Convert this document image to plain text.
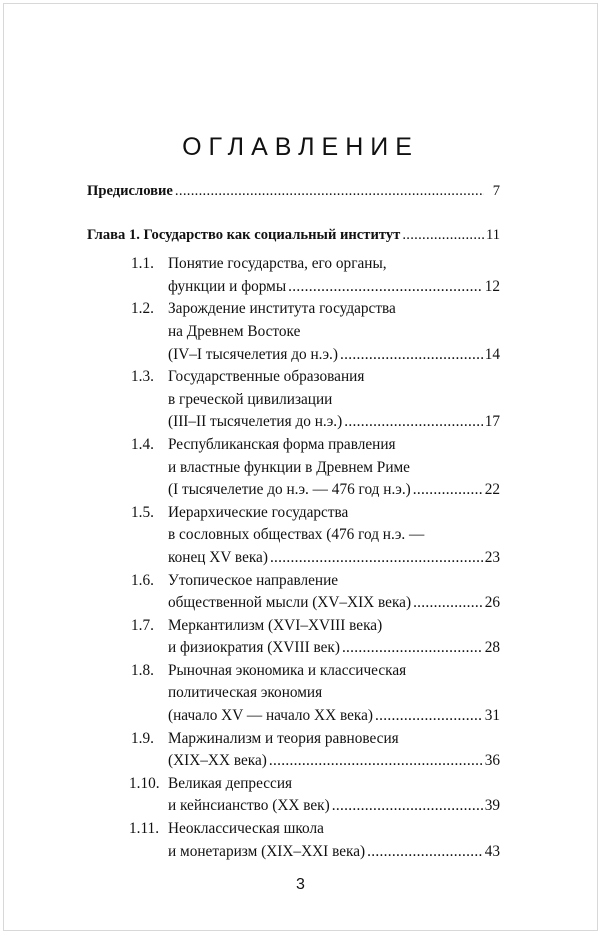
ОГЛАВЛЕНИЕ
Предисловие .....	7
Глава 1. Государство как социальный институт .....	11
1.1. Понятие государства, его органы,
функции и формы .....	12
1.2. Зарождение института государства
на Древнем Востоке
(IV–I тысячелетия до н.э.) .....	14
1.3. Государственные образования
в греческой цивилизации
(III–II тысячелетия до н.э.) .....	17
1.4. Республиканская форма правления
и властные функции в Древнем Риме
(I тысячелетие до н.э. — 476 год н.э.) .....	22
1.5. Иерархические государства
в сословных обществах (476 год н.э. —
конец XV века) .....	23
1.6. Утопическое направление
общественной мысли (XV–XIX века) .....	26
1.7. Меркантилизм (XVI–XVIII века)
и физиократия (XVIII век) .....	28
1.8. Рыночная экономика и классическая
политическая экономия
(начало XV — начало XX века) .....	31
1.9. Маржинализм и теория равновесия
(XIX–XX века) .....	36
1.10. Великая депрессия
и кейнсианство (XX век) .....	39
1.11. Неоклассическая школа
и монетаризм (XIX–XXI века) .....	43
3
